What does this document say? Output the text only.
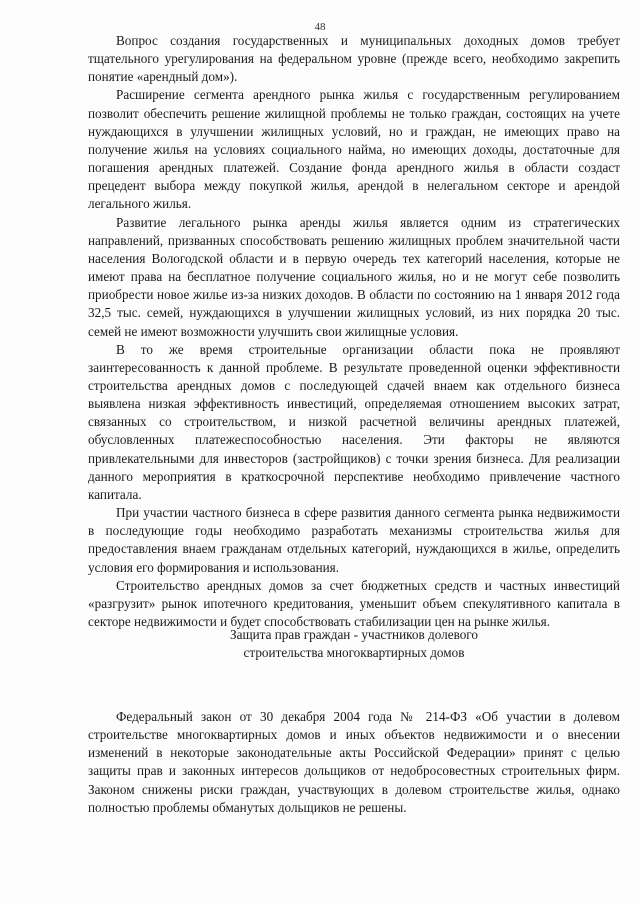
48

Вопрос создания государственных и муниципальных доходных домов требует тщательного урегулирования на федеральном уровне (прежде всего, необходимо закрепить понятие «арендный дом»).

Расширение сегмента арендного рынка жилья с государственным регулированием позволит обеспечить решение жилищной проблемы не только граждан, состоящих на учете нуждающихся в улучшении жилищных условий, но и граждан, не имеющих право на получение жилья на условиях социального найма, но имеющих доходы, достаточные для погашения арендных платежей. Создание фонда арендного жилья в области создаст прецедент выбора между покупкой жилья, арендой в нелегальном секторе и арендой легального жилья.

Развитие легального рынка аренды жилья является одним из стратегических направлений, призванных способствовать решению жилищных проблем значительной части населения Вологодской области и в первую очередь тех категорий населения, которые не имеют права на бесплатное получение социального жилья, но и не могут себе позволить приобрести новое жилье из-за низких доходов. В области по состоянию на 1 января 2012 года 32,5 тыс. семей, нуждающихся в улучшении жилищных условий, из них порядка 20 тыс. семей не имеют возможности улучшить свои жилищные условия.

В то же время строительные организации области пока не проявляют заинтересованность к данной проблеме. В результате проведенной оценки эффективности строительства арендных домов с последующей сдачей внаем как отдельного бизнеса выявлена низкая эффективность инвестиций, определяемая отношением высоких затрат, связанных со строительством, и низкой расчетной величины арендных платежей, обусловленных платежеспособностью населения. Эти факторы не являются привлекательными для инвесторов (застройщиков) с точки зрения бизнеса. Для реализации данного мероприятия в краткосрочной перспективе необходимо привлечение частного капитала.

При участии частного бизнеса в сфере развития данного сегмента рынка недвижимости в последующие годы необходимо разработать механизмы строительства жилья для предоставления внаем гражданам отдельных категорий, нуждающихся в жилье, определить условия его формирования и использования.

Строительство арендных домов за счет бюджетных средств и частных инвестиций «разгрузит» рынок ипотечного кредитования, уменьшит объем спекулятивного капитала в секторе недвижимости и будет способствовать стабилизации цен на рынке жилья.

Защита прав граждан - участников долевого
строительства многоквартирных домов

Федеральный закон от 30 декабря 2004 года № 214-ФЗ «Об участии в долевом строительстве многоквартирных домов и иных объектов недвижимости и о внесении изменений в некоторые законодательные акты Российской Федерации» принят с целью защиты прав и законных интересов дольщиков от недобросовестных строительных фирм. Законом снижены риски граждан, участвующих в долевом строительстве жилья, однако полностью проблемы обманутых дольщиков не решены.
